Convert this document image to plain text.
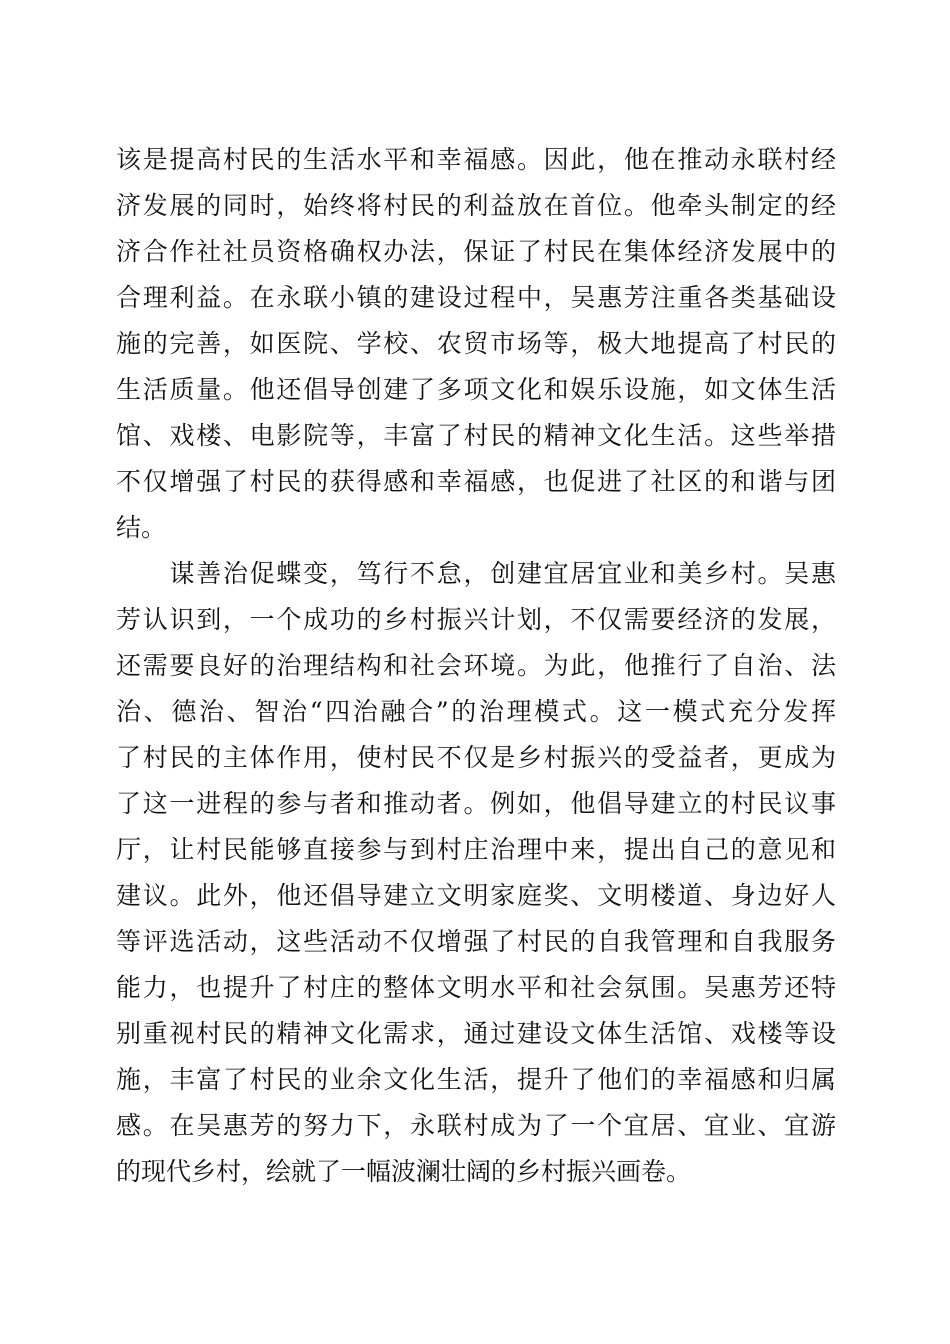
该是提高村民的生活水平和幸福感。因此，他在推动永联村经
济发展的同时，始终将村民的利益放在首位。他牵头制定的经
济合作社社员资格确权办法，保证了村民在集体经济发展中的
合理利益。在永联小镇的建设过程中，吴惠芳注重各类基础设
施的完善，如医院、学校、农贸市场等，极大地提高了村民的
生活质量。他还倡导创建了多项文化和娱乐设施，如文体生活
馆、戏楼、电影院等，丰富了村民的精神文化生活。这些举措
不仅增强了村民的获得感和幸福感，也促进了社区的和谐与团
结。
　　谋善治促蝶变，笃行不怠，创建宜居宜业和美乡村。吴惠
芳认识到，一个成功的乡村振兴计划，不仅需要经济的发展，
还需要良好的治理结构和社会环境。为此，他推行了自治、法
治、德治、智治“四治融合”的治理模式。这一模式充分发挥
了村民的主体作用，使村民不仅是乡村振兴的受益者，更成为
了这一进程的参与者和推动者。例如，他倡导建立的村民议事
厅，让村民能够直接参与到村庄治理中来，提出自己的意见和
建议。此外，他还倡导建立文明家庭奖、文明楼道、身边好人
等评选活动，这些活动不仅增强了村民的自我管理和自我服务
能力，也提升了村庄的整体文明水平和社会氛围。吴惠芳还特
别重视村民的精神文化需求，通过建设文体生活馆、戏楼等设
施，丰富了村民的业余文化生活，提升了他们的幸福感和归属
感。在吴惠芳的努力下，永联村成为了一个宜居、宜业、宜游
的现代乡村，绘就了一幅波澜壮阔的乡村振兴画卷。
